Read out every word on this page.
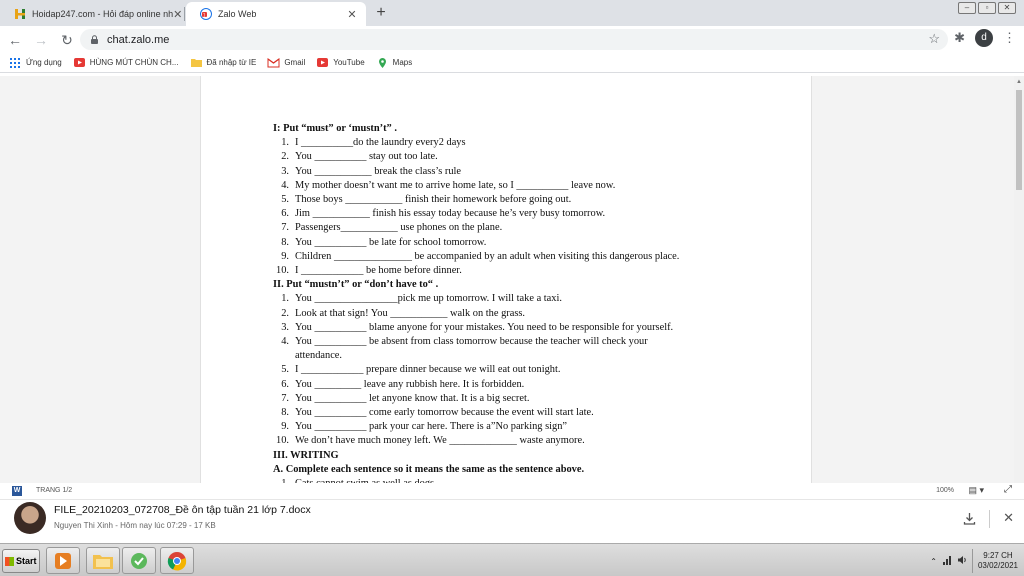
Hoidap247.com - Hỏi đáp online nh ✕	1 Zalo Web	✕ +	–	▫	✕
← → ↻	chat.zalo.me	☆ ✱	d	⋮
Ứng dụng	HÙNG MÚT CHÙN CH...	Đã nhập từ IE	Gmail	YouTube	Maps
I: Put “must” or ‘mustn’t” .
1. I __________do the laundry every2 days
2. You __________ stay out too late.
3. You ___________ break the class’s rule
4. My mother doesn’t want me to arrive home late, so I __________ leave now.
5. Those boys ___________ finish their homework before going out.
6. Jim ___________ finish his essay today because he’s very busy tomorrow.
7. Passengers___________ use phones on the plane.
8. You __________ be late for school tomorrow.
9. Children _______________ be accompanied by an adult when visiting this dangerous place.
10. I ____________ be home before dinner.
II. Put “mustn’t” or “don’t have to“ .
1. You ________________pick me up tomorrow. I will take a taxi.
2. Look at that sign! You ___________ walk on the grass.
3. You __________ blame anyone for your mistakes. You need to be responsible for yourself.
4. You __________ be absent from class tomorrow because the teacher will check your
attendance.
5. I ____________ prepare dinner because we will eat out tonight.
6. You _________ leave any rubbish here. It is forbidden.
7. You __________ let anyone know that. It is a big secret.
8. You __________ come early tomorrow because the event will start late.
9. You __________ park your car here. There is a”No parking sign”
10. We don’t have much money left. We _____________ waste anymore.
III. WRITING
A. Complete each sentence so it means the same as the sentence above.
▲
W TRANG 1/2	100% ▤ ▾ ⤢
FILE_20210203_072708_Đề ôn tập tuần 21 lớp 7.docx
Nguyen Thi Xinh - Hôm nay lúc 07:29 - 17 KB
✕
Start	⌃
9:27 CH
03/02/2021
